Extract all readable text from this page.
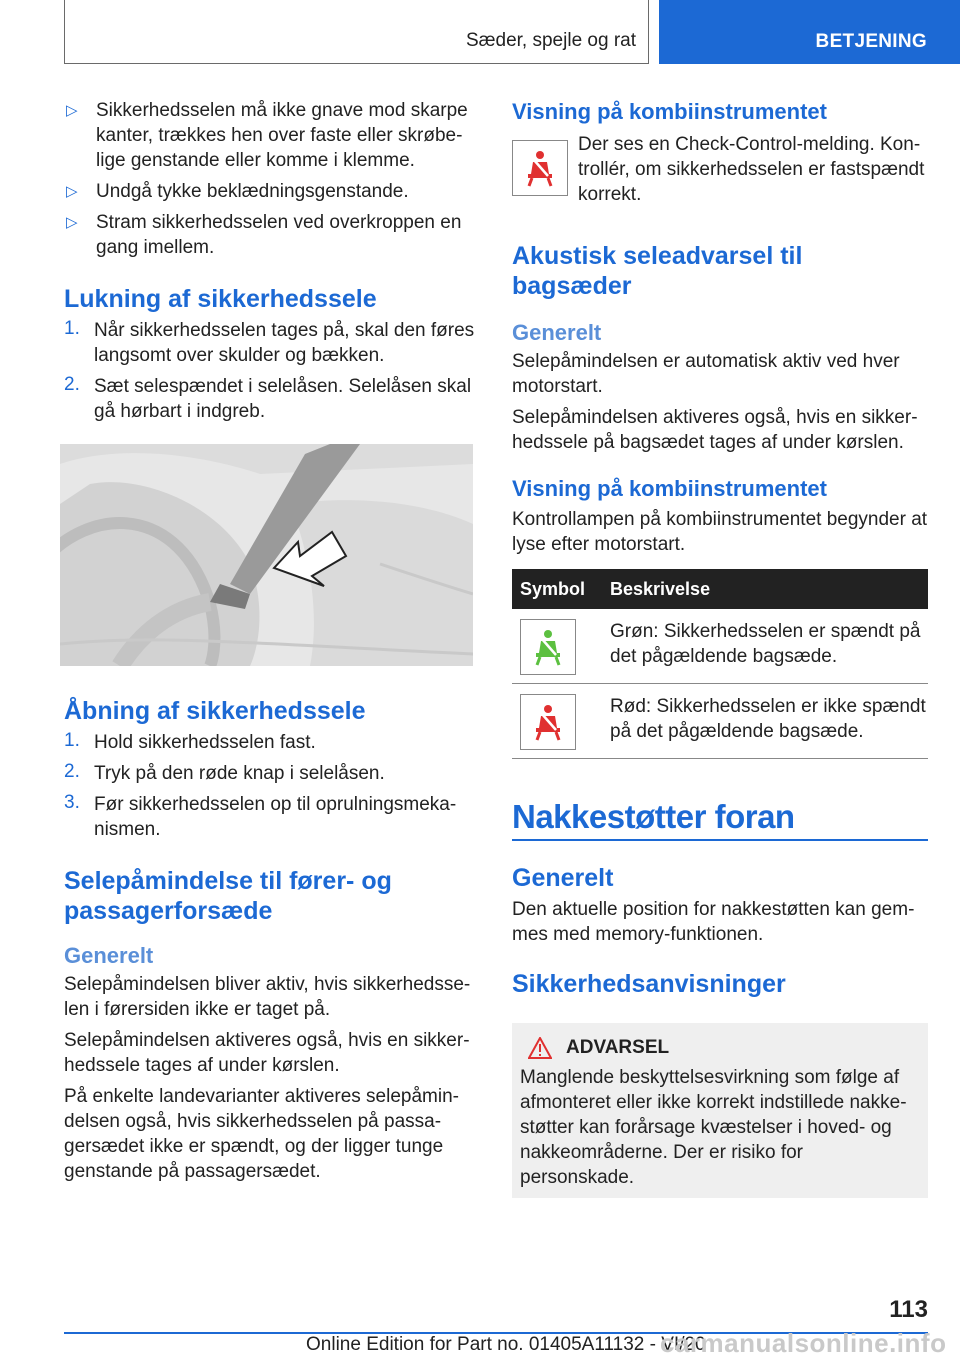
Sæder, spejle og rat	BETJENING
▷ Sikkerhedsselen må ikke gnave mod skarpe kanter, trækkes hen over faste eller skrøbelige genstande eller komme i klemme.
▷ Undgå tykke beklædningsgenstande.
▷ Stram sikkerhedsselen ved overkroppen en gang imellem.
Lukning af sikkerhedssele
1. Når sikkerhedsselen tages på, skal den føres langsomt over skulder og bækken.
2. Sæt selespændet i selelåsen. Selelåsen skal gå hørbart i indgreb.
Åbning af sikkerhedssele
1. Hold sikkerhedsselen fast.
2. Tryk på den røde knap i selelåsen.
3. Før sikkerhedsselen op til oprulningsmekanismen.
Selepåmindelse til fører- og passagerforsæde
Generelt

Selepåmindelsen bliver aktiv, hvis sikkerhedsselen i førersiden ikke er taget på.

Selepåmindelsen aktiveres også, hvis en sikkerhedssele tages af under kørslen.

På enkelte landevarianter aktiveres selepåmindelsen også, hvis sikkerhedsselen på passagersædet ikke er spændt, og der ligger tunge genstande på passagersædet.

Visning på kombiinstrumentet

Der ses en Check-Control-melding. Kontrollér, om sikkerhedsselen er fastspændt korrekt.

Akustisk seleadvarsel til bagsæder
Generelt

Selepåmindelsen er automatisk aktiv ved hver motorstart.

Selepåmindelsen aktiveres også, hvis en sikkerhedssele på bagsædet tages af under kørslen.

Visning på kombiinstrumentet

Kontrollampen på kombiinstrumentet begynder at lyse efter motorstart.

Symbol	Beskrivelse

	Grøn: Sikkerhedsselen er spændt på det pågældende bagsæde.

	Rød: Sikkerhedsselen er ikke spændt på det pågældende bagsæde.
Nakkestøtter foran
Generelt

Den aktuelle position for nakkestøtten kan gemmes med memory-funktionen.

Sikkerhedsanvisninger
ADVARSEL

Manglende beskyttelsesvirkning som følge af afmonteret eller ikke korrekt indstillede nakkestøtter kan forårsage kvæstelser i hoved- og nakkeområderne. Der er risiko for personskade.

113
Online Edition for Part no. 01405A11132 - VI/20
carmanualsonline.info
